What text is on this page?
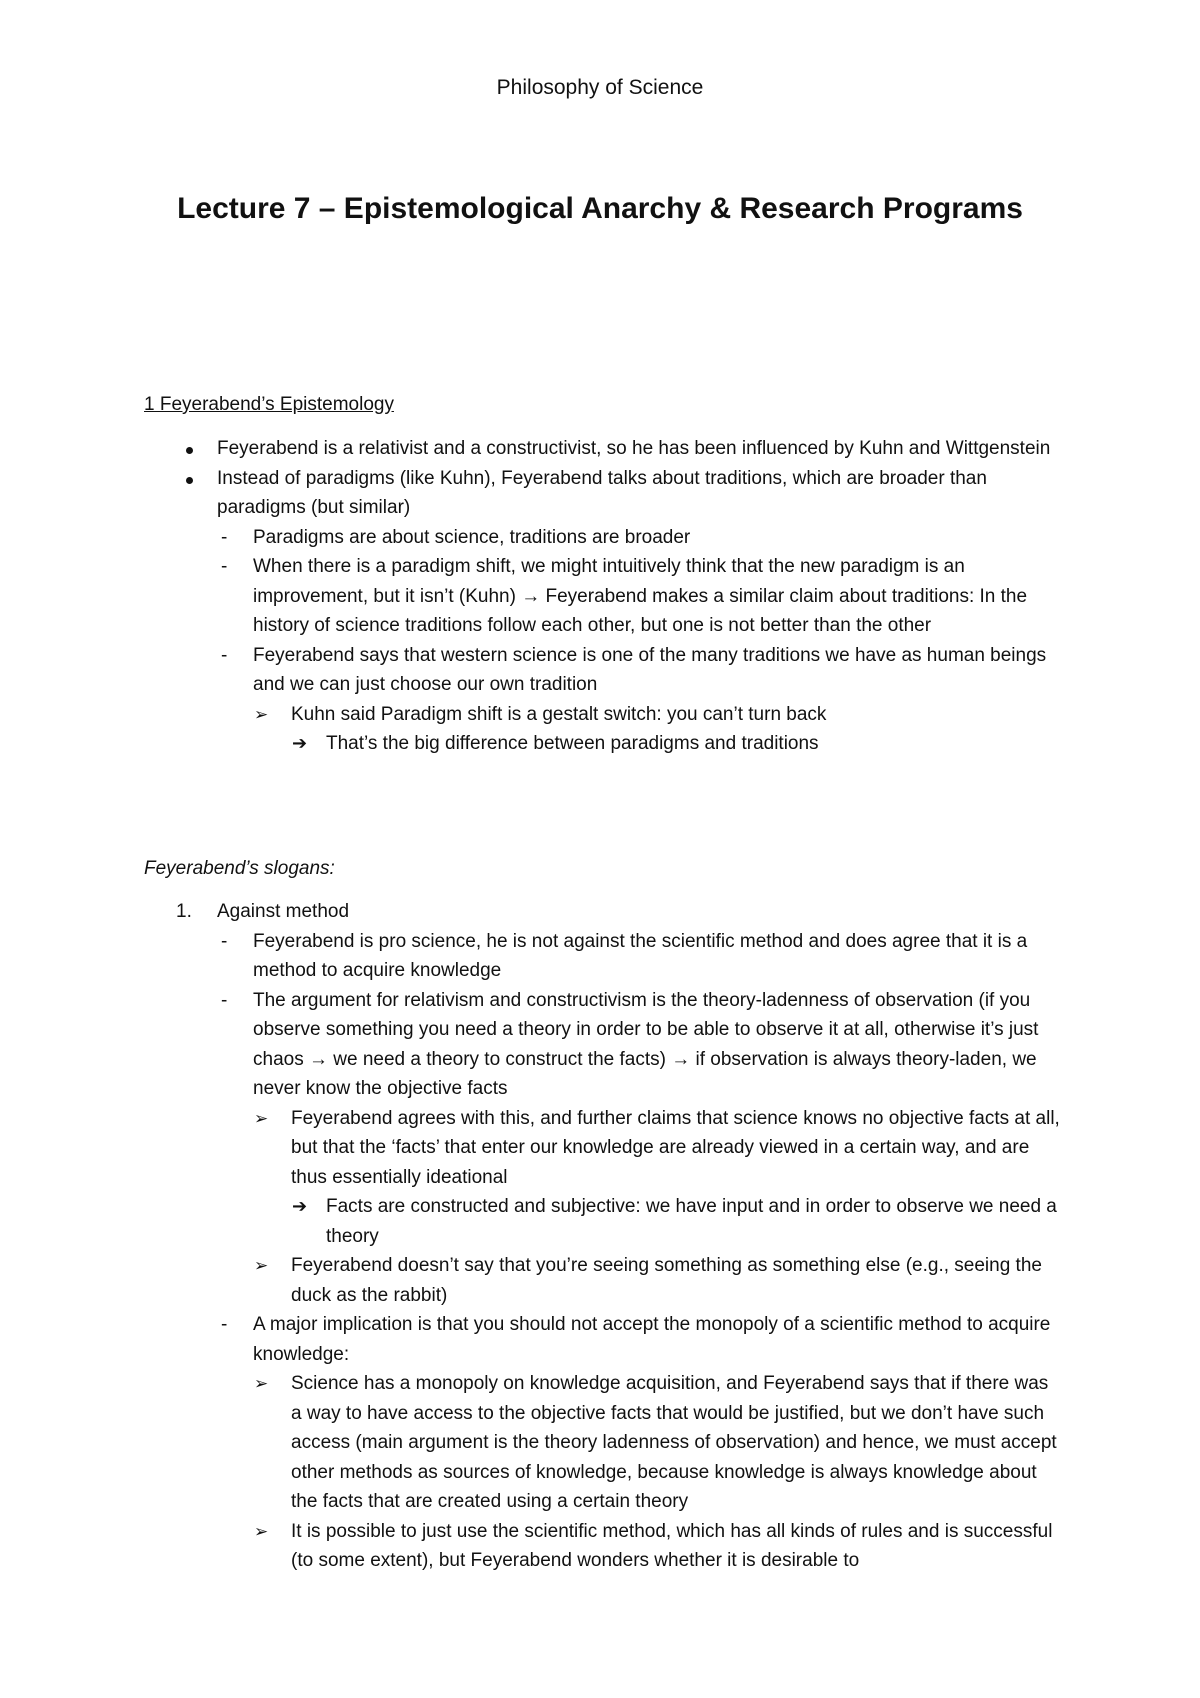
Philosophy of Science
Lecture 7 – Epistemological Anarchy & Research Programs
1 Feyerabend’s Epistemology
Feyerabend is a relativist and a constructivist, so he has been influenced by Kuhn and Wittgenstein
Instead of paradigms (like Kuhn), Feyerabend talks about traditions, which are broader than paradigms (but similar)
- Paradigms are about science, traditions are broader
- When there is a paradigm shift, we might intuitively think that the new paradigm is an improvement, but it isn’t (Kuhn) → Feyerabend makes a similar claim about traditions: In the history of science traditions follow each other, but one is not better than the other
- Feyerabend says that western science is one of the many traditions we have as human beings and we can just choose our own tradition
➢ Kuhn said Paradigm shift is a gestalt switch: you can’t turn back
➔ That’s the big difference between paradigms and traditions
Feyerabend’s slogans:
1. Against method
- Feyerabend is pro science, he is not against the scientific method and does agree that it is a method to acquire knowledge
- The argument for relativism and constructivism is the theory-ladenness of observation (if you observe something you need a theory in order to be able to observe it at all, otherwise it’s just chaos → we need a theory to construct the facts) → if observation is always theory-laden, we never know the objective facts
➢ Feyerabend agrees with this, and further claims that science knows no objective facts at all, but that the ‘facts’ that enter our knowledge are already viewed in a certain way, and are thus essentially ideational
➔ Facts are constructed and subjective: we have input and in order to observe we need a theory
➢ Feyerabend doesn’t say that you’re seeing something as something else (e.g., seeing the duck as the rabbit)
- A major implication is that you should not accept the monopoly of a scientific method to acquire knowledge:
➢ Science has a monopoly on knowledge acquisition, and Feyerabend says that if there was a way to have access to the objective facts that would be justified, but we don’t have such access (main argument is the theory ladenness of observation) and hence, we must accept other methods as sources of knowledge, because knowledge is always knowledge about the facts that are created using a certain theory
➢ It is possible to just use the scientific method, which has all kinds of rules and is successful (to some extent), but Feyerabend wonders whether it is desirable to
